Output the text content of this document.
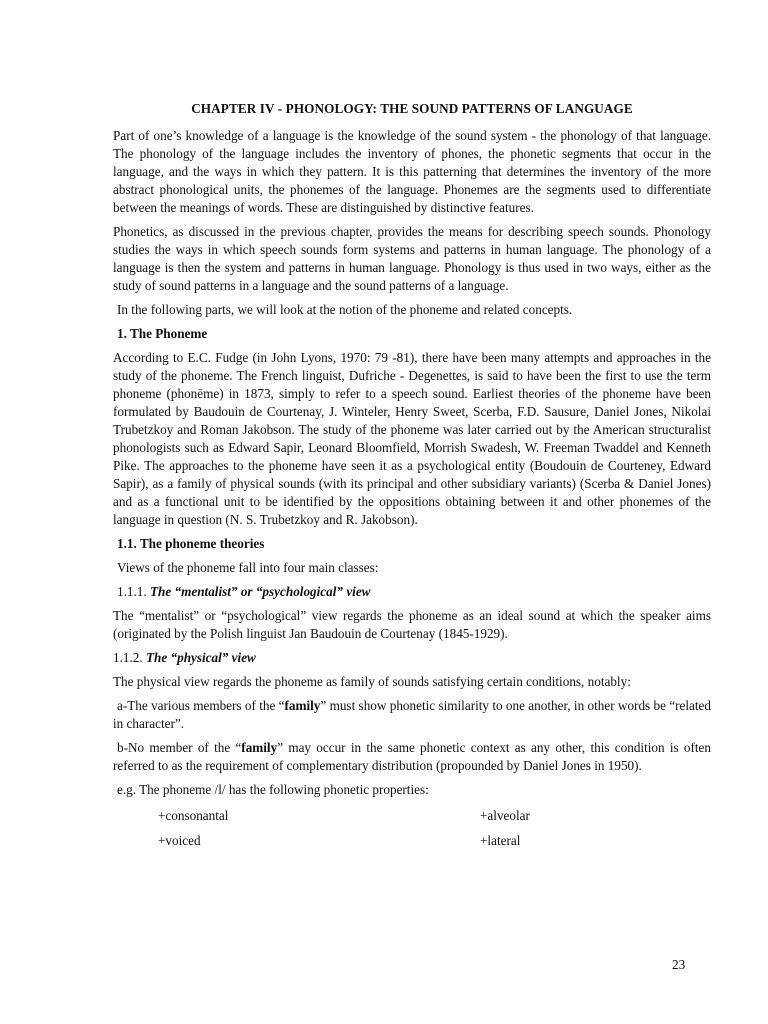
CHAPTER IV - PHONOLOGY: THE SOUND PATTERNS OF LANGUAGE

Part of one’s knowledge of a language is the knowledge of the sound system - the phonology of that language. The phonology of the language includes the inventory of phones, the phonetic segments that occur in the language, and the ways in which they pattern. It is this patterning that determines the inventory of the more abstract phonological units, the phonemes of the language. Phonemes are the segments used to differentiate between the meanings of words. These are distinguished by distinctive features.

Phonetics, as discussed in the previous chapter, provides the means for describing speech sounds. Phonology studies the ways in which speech sounds form systems and patterns in human language. The phonology of a language is then the system and patterns in human language. Phonology is thus used in two ways, either as the study of sound patterns in a language and the sound patterns of a language.

In the following parts, we will look at the notion of the phoneme and related concepts.

1. The Phoneme

According to E.C. Fudge (in John Lyons, 1970: 79 -81), there have been many attempts and approaches in the study of the phoneme. The French linguist, Dufriche - Degenettes, is said to have been the first to use the term phoneme (phonēme) in 1873, simply to refer to a speech sound. Earliest theories of the phoneme have been formulated by Baudouin de Courtenay, J. Winteler, Henry Sweet, Scerba, F.D. Sausure, Daniel Jones, Nikolai Trubetzkoy and Roman Jakobson. The study of the phoneme was later carried out by the American structuralist phonologists such as Edward Sapir, Leonard Bloomfield, Morrish Swadesh, W. Freeman Twaddel and Kenneth Pike. The approaches to the phoneme have seen it as a psychological entity (Boudouin de Courteney, Edward Sapir), as a family of physical sounds (with its principal and other subsidiary variants) (Scerba & Daniel Jones) and as a functional unit to be identified by the oppositions obtaining between it and other phonemes of the language in question (N. S. Trubetzkoy and R. Jakobson).

1.1. The phoneme theories

Views of the phoneme fall into four main classes:

1.1.1. The “mentalist” or “psychological” view

The “mentalist” or “psychological” view regards the phoneme as an ideal sound at which the speaker aims (originated by the Polish linguist Jan Baudouin de Courtenay (1845-1929).

1.1.2. The “physical” view

The physical view regards the phoneme as family of sounds satisfying certain conditions, notably:

a-The various members of the “family” must show phonetic similarity to one another, in other words be “related in character”.

b-No member of the “family” may occur in the same phonetic context as any other, this condition is often referred to as the requirement of complementary distribution (propounded by Daniel Jones in 1950).

e.g. The phoneme /l/ has the following phonetic properties:

+consonantal	+alveolar
+voiced	+lateral
23
